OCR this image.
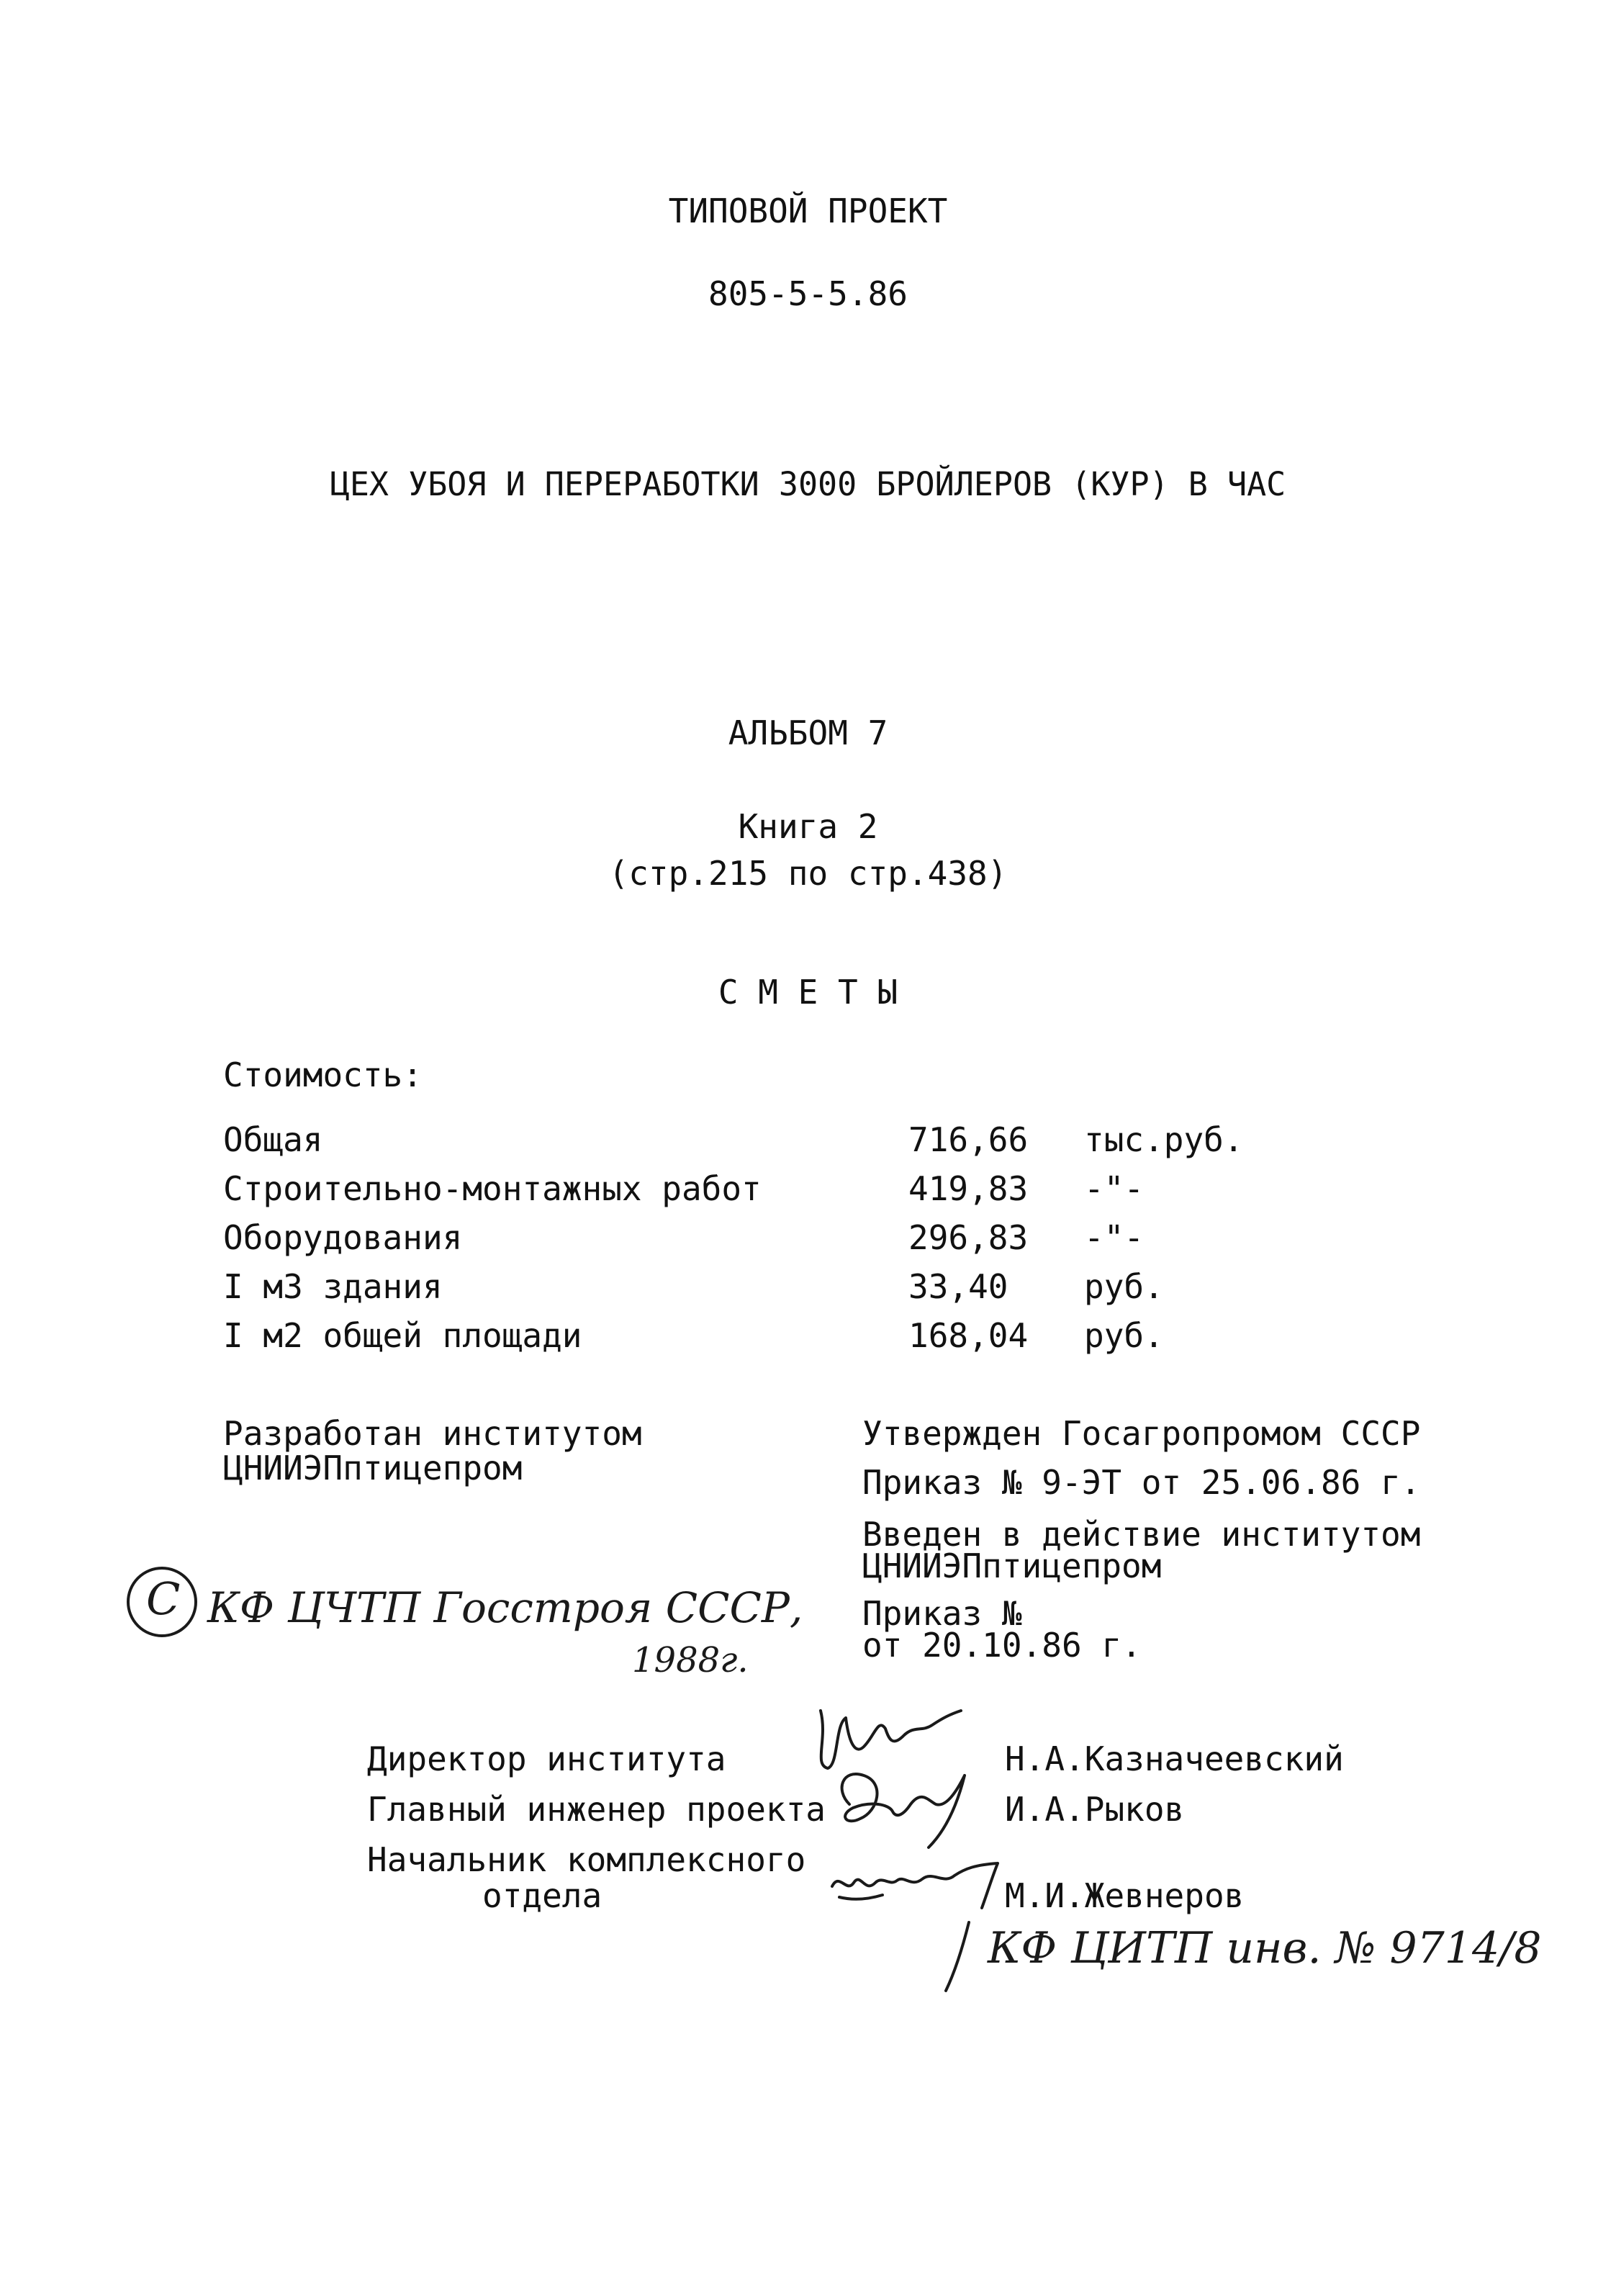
ТИПОВОЙ ПРОЕКТ
805-5-5.86
ЦЕХ УБОЯ И ПЕРЕРАБОТКИ 3000 БРОЙЛЕРОВ (КУР) В ЧАС
АЛЬБОМ 7
Книга 2
(стр.215 по стр.438)
С М Е Т Ы
Стоимость:
Общая	716,66 тыс.руб.
Строительно-монтажных работ	419,83 -"-
Оборудования	296,83 -"-
I м3 здания	33,40 руб.
I м2 общей площади	168,04 руб.
Разработан институтом
ЦНИИЭПптицепром
Утвержден Госагропромом СССР
Приказ № 9-ЭТ от 25.06.86 г.
Введен в действие институтом
ЦНИИЭПптицепром
Приказ №
от 20.10.86 г.
С КФ ЦЧТП Госстроя СССР,
1988г.
Директор института	Н.А.Казначеевский
Главный инженер проекта	И.А.Рыков
Начальник комплексного
отдела	М.И.Жевнеров
КФ ЦИТП инв. № 9714/8
